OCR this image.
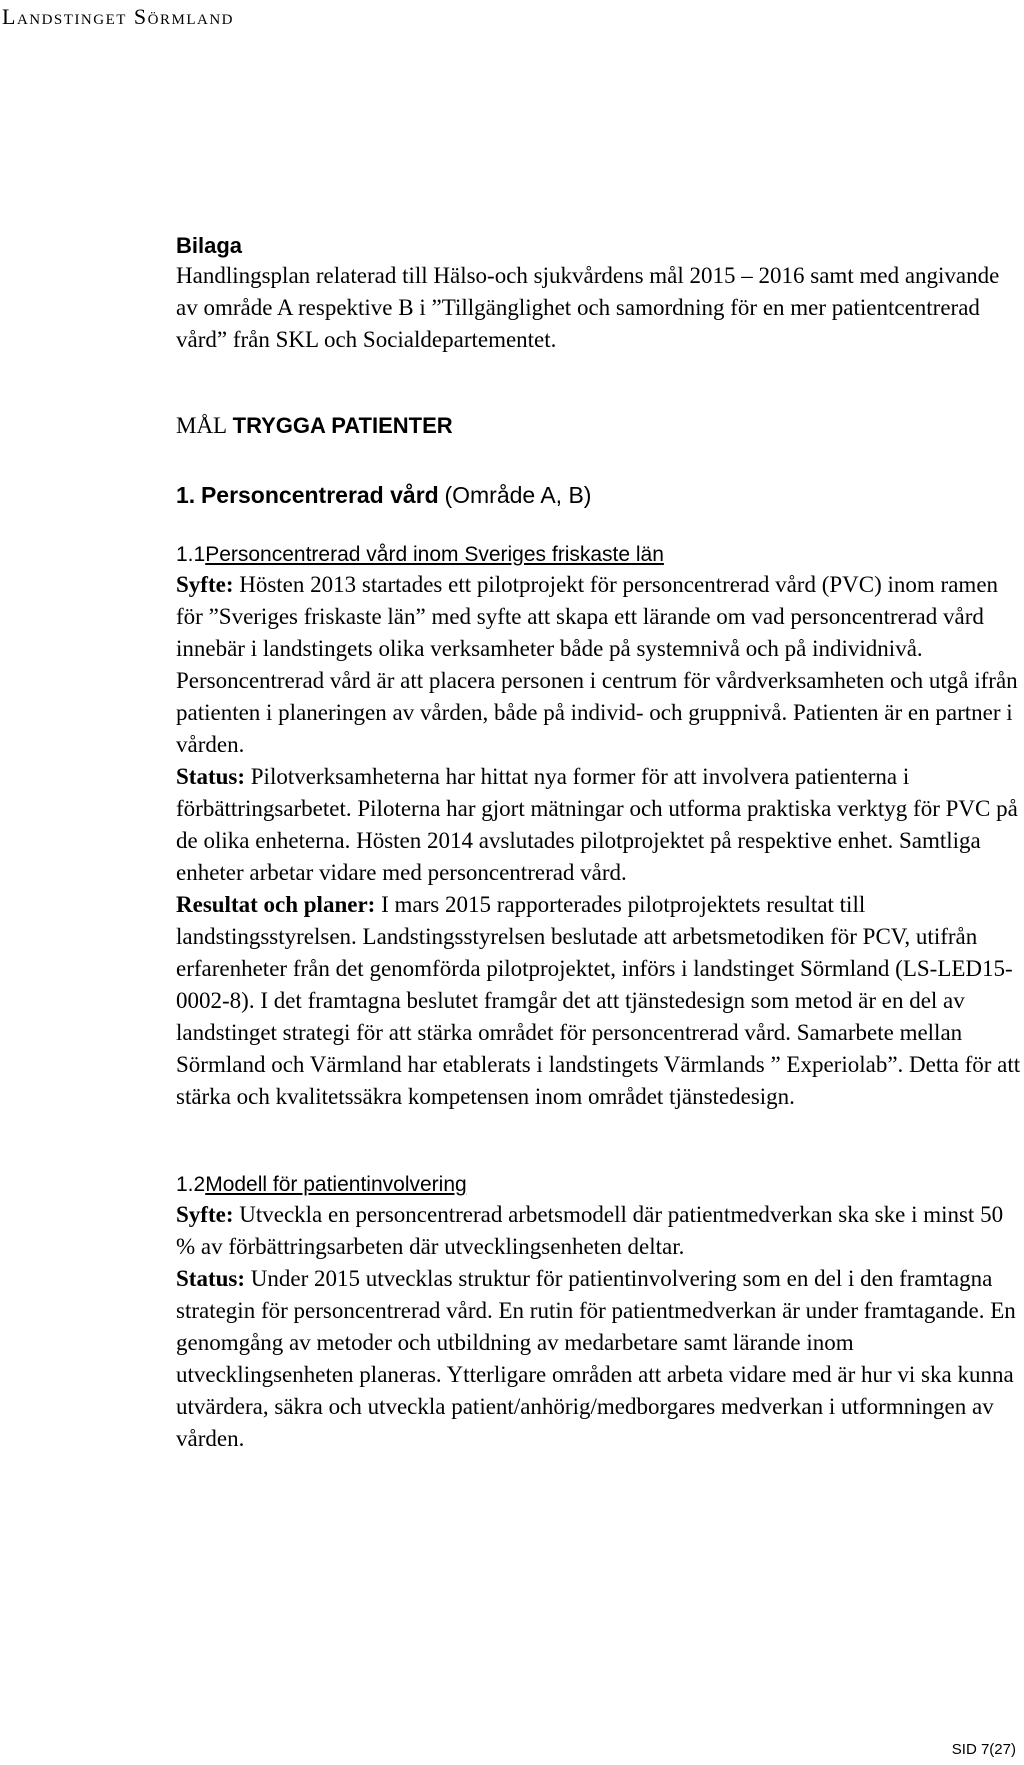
Landstinget Sörmland

Bilaga

Handlingsplan relaterad till Hälso-och sjukvårdens mål 2015 – 2016 samt med angivande av område A respektive B i ”Tillgänglighet och samordning för en mer patientcentrerad vård” från SKL och Socialdepartementet.

MÅL TRYGGA PATIENTER
1. Personcentrerad vård (Område A, B)

1.1Personcentrerad vård inom Sveriges friskaste län

Syfte: Hösten 2013 startades ett pilotprojekt för personcentrerad vård (PVC) inom ramen för ”Sveriges friskaste län” med syfte att skapa ett lärande om vad personcentrerad vård innebär i landstingets olika verksamheter både på systemnivå och på individnivå.

Personcentrerad vård är att placera personen i centrum för vårdverksamheten och utgå ifrån patienten i planeringen av vården, både på individ- och gruppnivå. Patienten är en partner i vården.

Status: Pilotverksamheterna har hittat nya former för att involvera patienterna i förbättringsarbetet. Piloterna har gjort mätningar och utforma praktiska verktyg för PVC på de olika enheterna. Hösten 2014 avslutades pilotprojektet på respektive enhet. Samtliga enheter arbetar vidare med personcentrerad vård.

Resultat och planer: I mars 2015 rapporterades pilotprojektets resultat till landstingsstyrelsen. Landstingsstyrelsen beslutade att arbetsmetodiken för PCV, utifrån erfarenheter från det genomförda pilotprojektet, införs i landstinget Sörmland (LS-LED15-0002-8). I det framtagna beslutet framgår det att tjänstedesign som metod är en del av landstinget strategi för att stärka området för personcentrerad vård. Samarbete mellan Sörmland och Värmland har etablerats i landstingets Värmlands ” Experiolab”. Detta för att stärka och kvalitetssäkra kompetensen inom området tjänstedesign.

1.2Modell för patientinvolvering

Syfte: Utveckla en personcentrerad arbetsmodell där patientmedverkan ska ske i minst 50 % av förbättringsarbeten där utvecklingsenheten deltar.

Status: Under 2015 utvecklas struktur för patientinvolvering som en del i den framtagna strategin för personcentrerad vård. En rutin för patientmedverkan är under framtagande. En genomgång av metoder och utbildning av medarbetare samt lärande inom utvecklingsenheten planeras. Ytterligare områden att arbeta vidare med är hur vi ska kunna utvärdera, säkra och utveckla patient/anhörig/medborgares medverkan i utformningen av vården.

SID 7(27)
